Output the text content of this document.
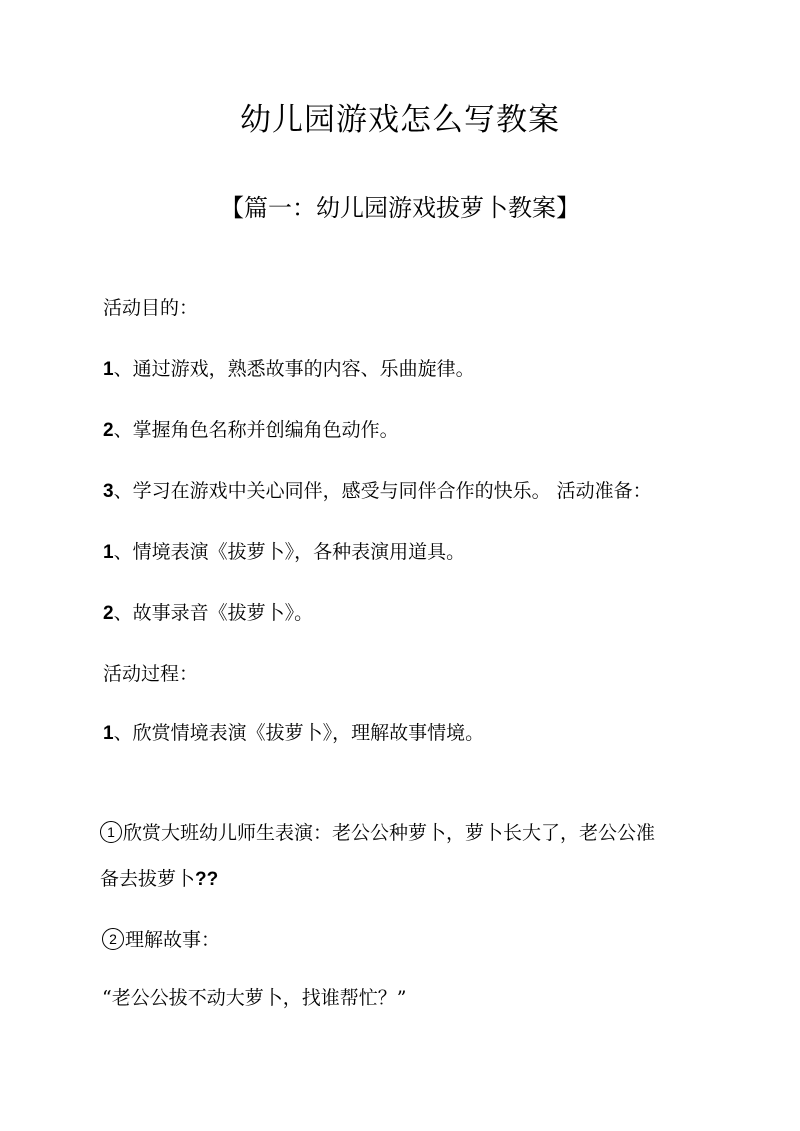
幼儿园游戏怎么写教案
【篇一：幼儿园游戏拔萝卜教案】
活动目的：
1、通过游戏，熟悉故事的内容、乐曲旋律。
2、掌握角色名称并创编角色动作。
3、学习在游戏中关心同伴，感受与同伴合作的快乐。 活动准备：
1、情境表演《拔萝卜》，各种表演用道具。
2、故事录音《拔萝卜》。
活动过程：
1、欣赏情境表演《拔萝卜》，理解故事情境。
1 欣赏大班幼儿师生表演：老公公种萝卜，萝卜长大了，老公公准
备去拔萝卜??
2 理解故事：
“老公公拔不动大萝卜，找谁帮忙？”
